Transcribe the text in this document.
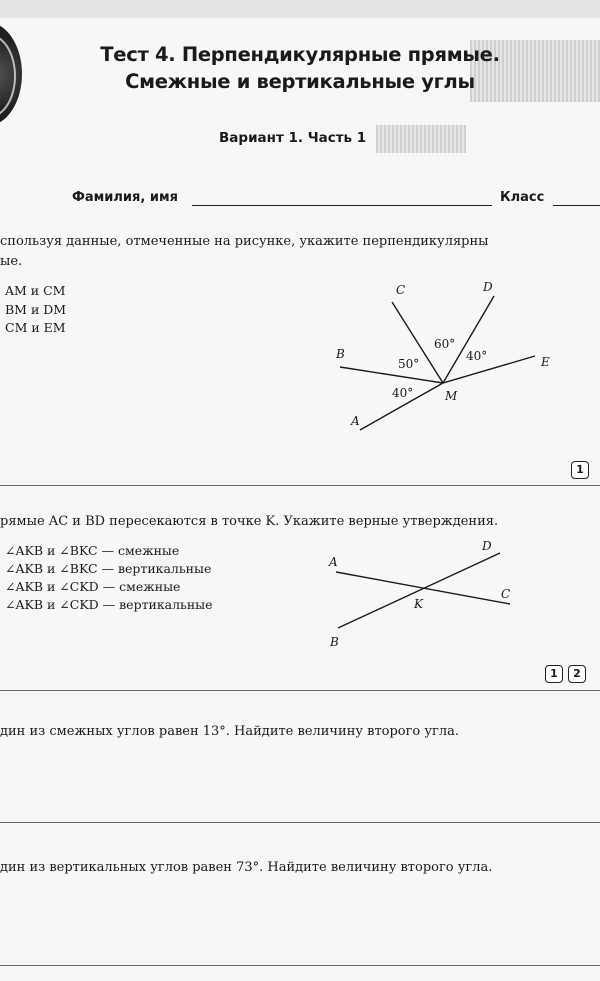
Тест 4. Перпендикулярные прямые.
Смежные и вертикальные углы
Вариант 1. Часть 1
Фамилия, имя	Класс
спользуя данные, отмеченные на рисунке, укажите перпендикулярны
ые.
AM и CM
BM и DM
CM и EM
C	D
B
E
M
A
60°
50°
40°
40°
1
рямые AC и BD пересекаются в точке K. Укажите верные утверждения.
∠AKB и ∠BKC — смежные
∠AKB и ∠BKC — вертикальные
∠AKB и ∠CKD — смежные
∠AKB и ∠CKD — вертикальные
A
D
C
K
B
1	2
дин из смежных углов равен 13°. Найдите величину второго угла.
дин из вертикальных углов равен 73°. Найдите величину второго угла.
